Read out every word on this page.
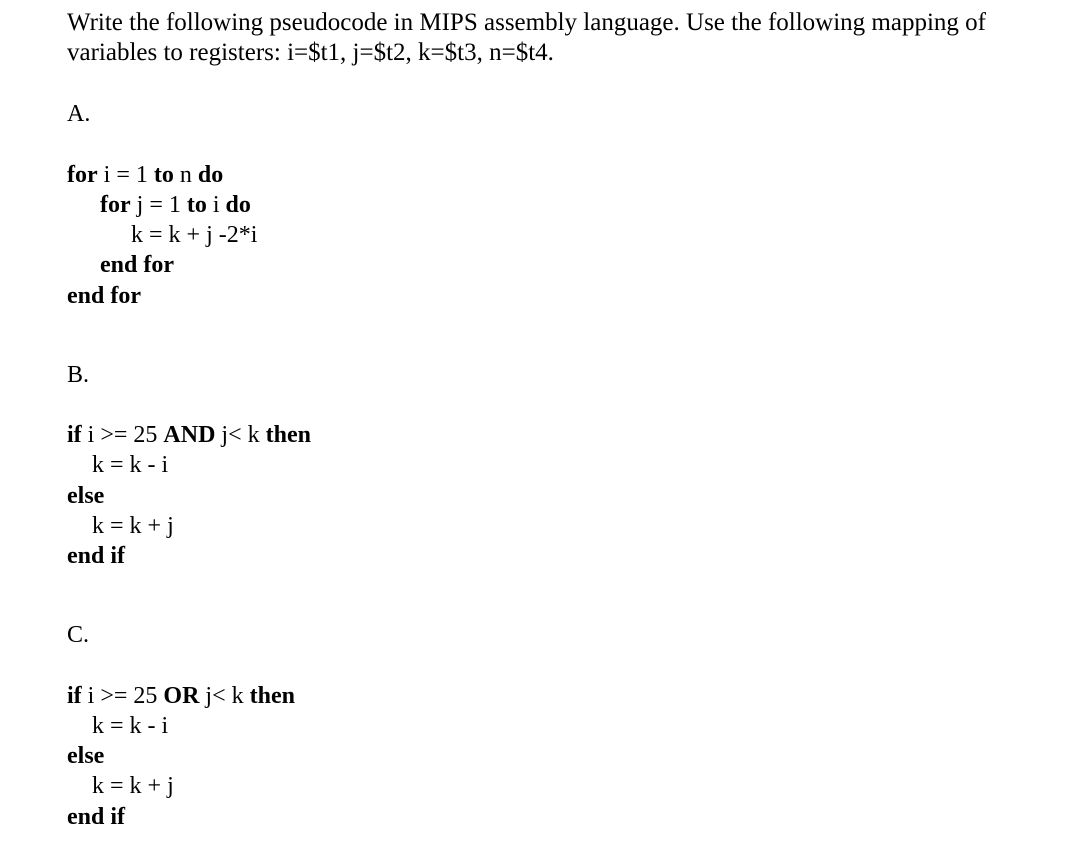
Write the following pseudocode in MIPS assembly language. Use the following mapping of
variables to registers: i=$t1, j=$t2, k=$t3, n=$t4.
A.
for i = 1 to n do
for j = 1 to i do
k = k + j -2*i
end for
end for
B.
if i >= 25 AND j< k then
k = k - i
else
k = k + j
end if
C.
if i >= 25 OR j< k then
k = k - i
else
k = k + j
end if
